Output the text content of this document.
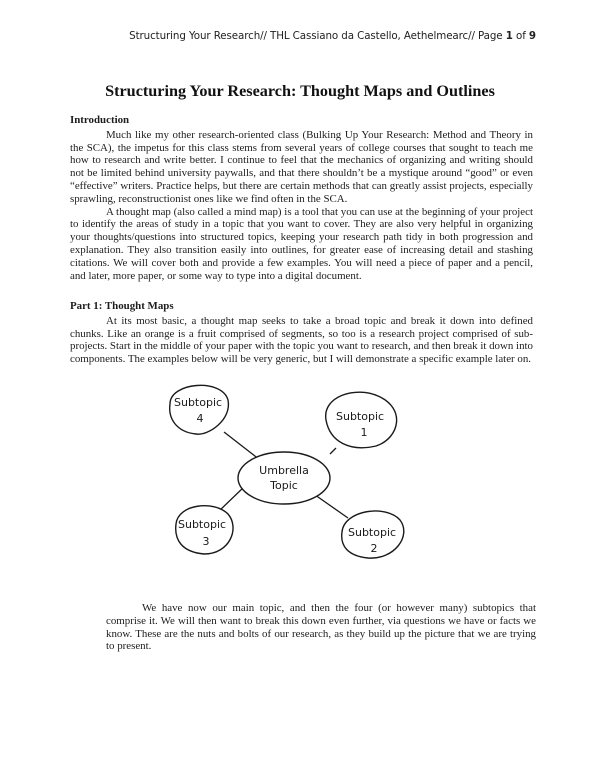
Structuring Your Research// THL Cassiano da Castello, Aethelmearc// Page 1 of 9
Structuring Your Research: Thought Maps and Outlines

Introduction

Much like my other research-oriented class (Bulking Up Your Research: Method and Theory in the SCA), the impetus for this class stems from several years of college courses that sought to teach me how to research and write better. I continue to feel that the mechanics of organizing and writing should not be limited behind university paywalls, and that there shouldn’t be a mystique around “good” or even “effective” writers. Practice helps, but there are certain methods that can greatly assist projects, especially sprawling, reconstructionist ones like we find often in the SCA.

A thought map (also called a mind map) is a tool that you can use at the beginning of your project to identify the areas of study in a topic that you want to cover. They are also very helpful in organizing your thoughts/questions into structured topics, keeping your research path tidy in both progression and explanation. They also transition easily into outlines, for greater ease of increasing detail and stashing citations. We will cover both and provide a few examples. You will need a piece of paper and a pencil, and later, more paper, or some way to type into a digital document.

Part 1: Thought Maps

At its most basic, a thought map seeks to take a broad topic and break it down into defined chunks. Like an orange is a fruit comprised of segments, so too is a research project comprised of sub-projects. Start in the middle of your paper with the topic you want to research, and then break it down into components. The examples below will be very generic, but I will demonstrate a specific example later on.

Subtopic
4	Subtopic
1
Umbrella
Topic
Subtopic
3
Subtopic
2

We have now our main topic, and then the four (or however many) subtopics that comprise it. We will then want to break this down even further, via questions we have or facts we know. These are the nuts and bolts of our research, as they build up the picture that we are trying to present.
